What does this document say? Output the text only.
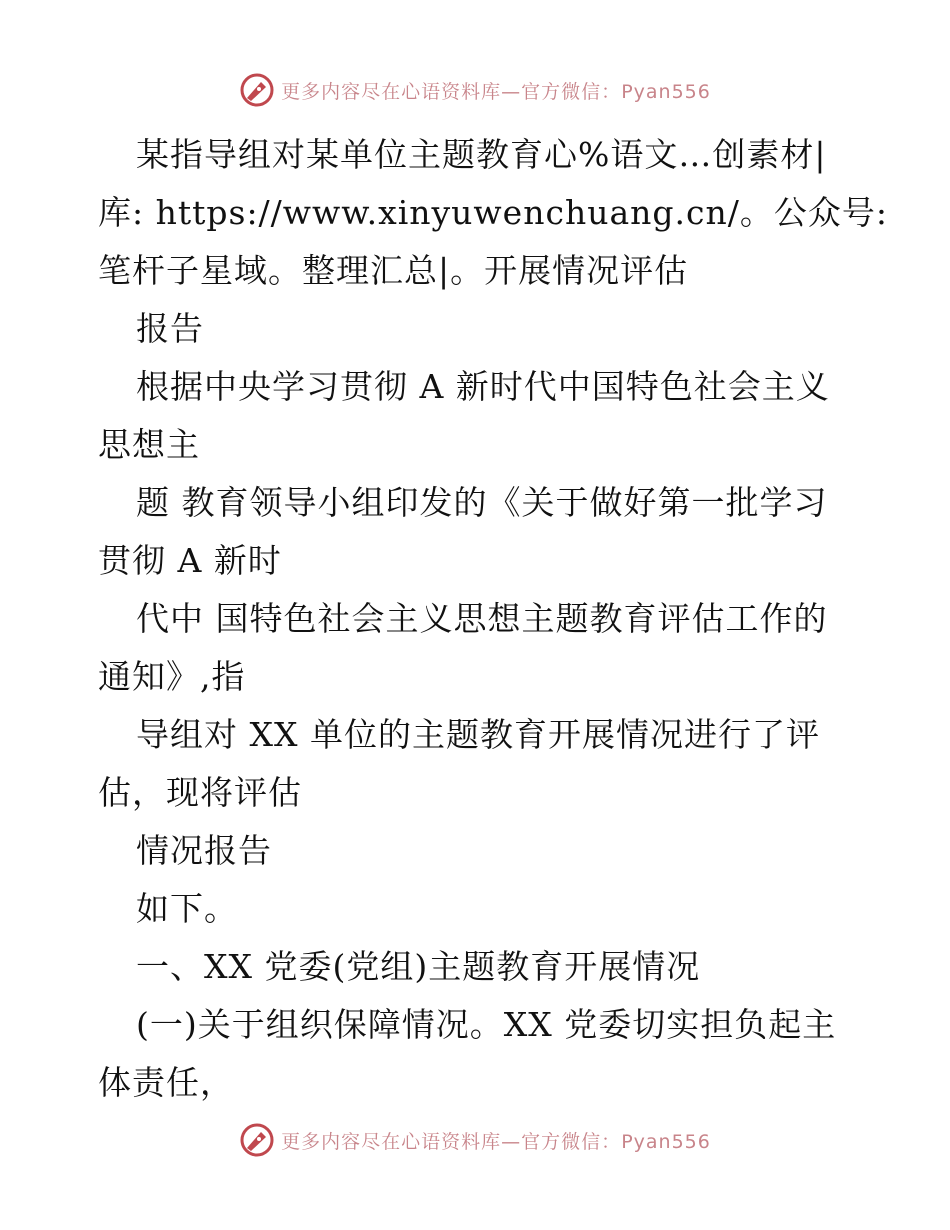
更多内容尽在心语资料库—官方微信：Pyan556
某指导组对某单位主题教育心%语文…创素材|
库: https://www.xinyuwenchuang.cn/。公众号:
笔杆子星域。整理汇总|。开展情况评估
报告
根据中央学习贯彻 A 新时代中国特色社会主义
思想主
题 教育领导小组印发的《关于做好第一批学习
贯彻 A 新时
代中 国特色社会主义思想主题教育评估工作的
通知》,指
导组对 XX 单位的主题教育开展情况进行了评
估，现将评估
情况报告
如下。
一、XX 党委(党组)主题教育开展情况
(一)关于组织保障情况。XX 党委切实担负起主
体责任，
更多内容尽在心语资料库—官方微信：Pyan556
